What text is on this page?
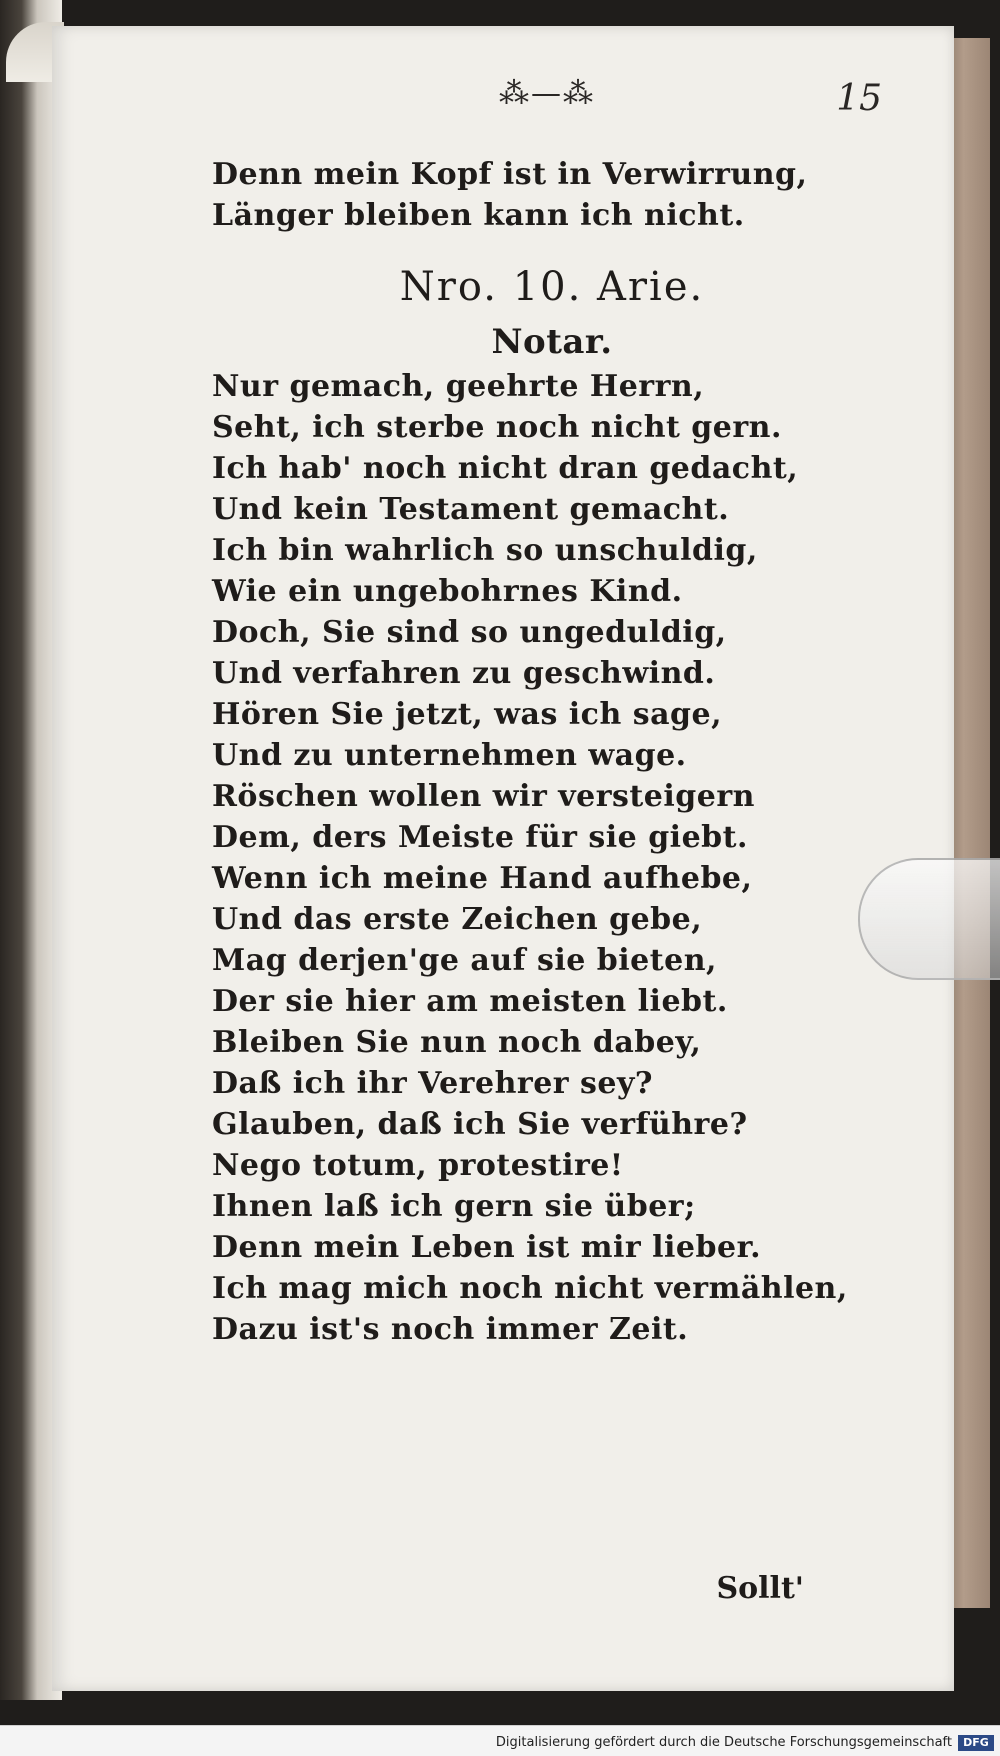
⁂—⁂	15
Denn mein Kopf ist in Verwirrung,
Länger bleiben kann ich nicht.
Nro. 10. Arie.
Notar.
Nur gemach, geehrte Herrn,
Seht, ich sterbe noch nicht gern.
Ich hab' noch nicht dran gedacht,
Und kein Testament gemacht.
Ich bin wahrlich so unschuldig,
Wie ein ungebohrnes Kind.
Doch, Sie sind so ungeduldig,
Und verfahren zu geschwind.
Hören Sie jetzt, was ich sage,
Und zu unternehmen wage.
Röschen wollen wir versteigern
Dem, ders Meiste für sie giebt.
Wenn ich meine Hand aufhebe,
Und das erste Zeichen gebe,
Mag derjen'ge auf sie bieten,
Der sie hier am meisten liebt.
Bleiben Sie nun noch dabey,
Daß ich ihr Verehrer sey?
Glauben, daß ich Sie verführe?
Nego totum, protestire!
Ihnen laß ich gern sie über;
Denn mein Leben ist mir lieber.
Ich mag mich noch nicht vermählen,
Dazu ist's noch immer Zeit.
Sollt'
Digitalisierung gefördert durch die Deutsche Forschungsgemeinschaft	DFG
